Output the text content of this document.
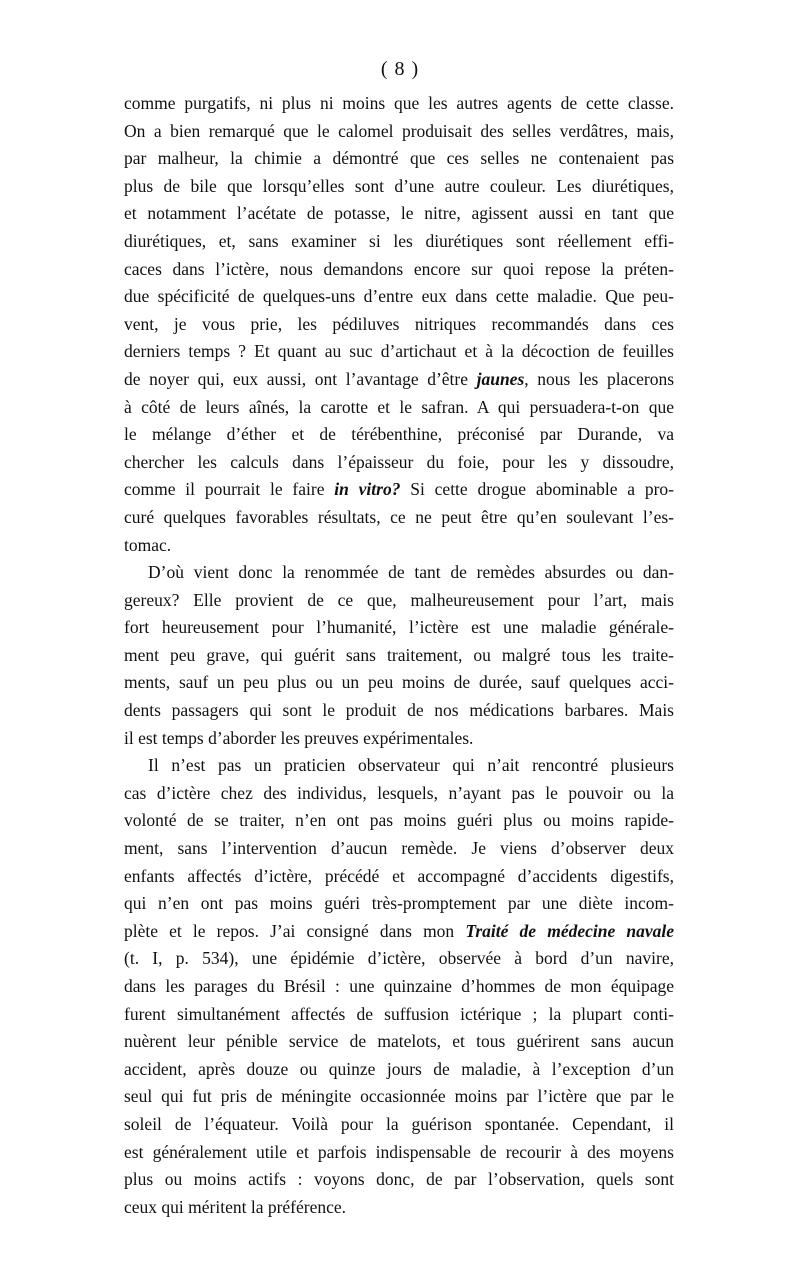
( 8 )
comme purgatifs, ni plus ni moins que les autres agents de cette classe.
On a bien remarqué que le calomel produisait des selles verdâtres, mais,
par malheur, la chimie a démontré que ces selles ne contenaient pas
plus de bile que lorsqu’elles sont d’une autre couleur. Les diurétiques,
et notamment l’acétate de potasse, le nitre, agissent aussi en tant que
diurétiques, et, sans examiner si les diurétiques sont réellement effi-
caces dans l’ictère, nous demandons encore sur quoi repose la préten-
due spécificité de quelques-uns d’entre eux dans cette maladie. Que peu-
vent, je vous prie, les pédiluves nitriques recommandés dans ces
derniers temps ? Et quant au suc d’artichaut et à la décoction de feuilles
de noyer qui, eux aussi, ont l’avantage d’être jaunes, nous les placerons
à côté de leurs aînés, la carotte et le safran. A qui persuadera-t-on que
le mélange d’éther et de térébenthine, préconisé par Durande, va
chercher les calculs dans l’épaisseur du foie, pour les y dissoudre,
comme il pourrait le faire in vitro? Si cette drogue abominable a pro-
curé quelques favorables résultats, ce ne peut être qu’en soulevant l’es-
tomac.
D’où vient donc la renommée de tant de remèdes absurdes ou dan-
gereux? Elle provient de ce que, malheureusement pour l’art, mais
fort heureusement pour l’humanité, l’ictère est une maladie générale-
ment peu grave, qui guérit sans traitement, ou malgré tous les traite-
ments, sauf un peu plus ou un peu moins de durée, sauf quelques acci-
dents passagers qui sont le produit de nos médications barbares. Mais
il est temps d’aborder les preuves expérimentales.
Il n’est pas un praticien observateur qui n’ait rencontré plusieurs
cas d’ictère chez des individus, lesquels, n’ayant pas le pouvoir ou la
volonté de se traiter, n’en ont pas moins guéri plus ou moins rapide-
ment, sans l’intervention d’aucun remède. Je viens d’observer deux
enfants affectés d’ictère, précédé et accompagné d’accidents digestifs,
qui n’en ont pas moins guéri très-promptement par une diète incom-
plète et le repos. J’ai consigné dans mon Traité de médecine navale
(t. I, p. 534), une épidémie d’ictère, observée à bord d’un navire,
dans les parages du Brésil : une quinzaine d’hommes de mon équipage
furent simultanément affectés de suffusion ictérique ; la plupart conti-
nuèrent leur pénible service de matelots, et tous guérirent sans aucun
accident, après douze ou quinze jours de maladie, à l’exception d’un
seul qui fut pris de méningite occasionnée moins par l’ictère que par le
soleil de l’équateur. Voilà pour la guérison spontanée. Cependant, il
est généralement utile et parfois indispensable de recourir à des moyens
plus ou moins actifs : voyons donc, de par l’observation, quels sont
ceux qui méritent la préférence.
